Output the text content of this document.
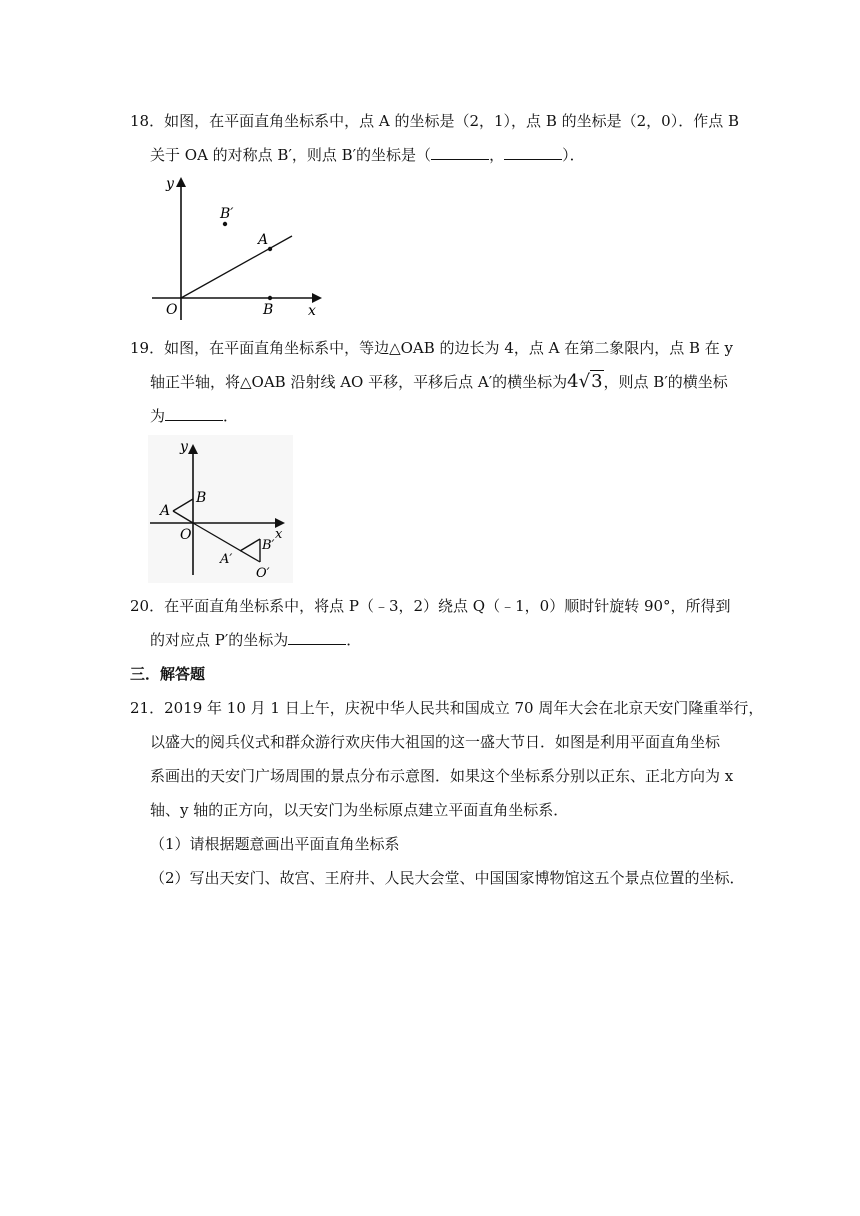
18．如图，在平面直角坐标系中，点 A 的坐标是（2，1），点 B 的坐标是（2，0）．作点 B
关于 OA 的对称点 B′，则点 B′的坐标是（	，	）．
y
x
O
A
B
B′
19．如图，在平面直角坐标系中，等边△OAB 的边长为 4，点 A 在第二象限内，点 B 在 y
轴正半轴，将△OAB 沿射线 AO 平移，平移后点 A′的横坐标为4√3，则点 B′的横坐标
为	．
y
x
O
A
B
A′
B′
O′
20．在平面直角坐标系中，将点 P（﹣3，2）绕点 Q（﹣1，0）顺时针旋转 90°，所得到
的对应点 P′的坐标为	．
三．解答题
21．2019 年 10 月 1 日上午，庆祝中华人民共和国成立 70 周年大会在北京天安门隆重举行，
以盛大的阅兵仪式和群众游行欢庆伟大祖国的这一盛大节日．如图是利用平面直角坐标
系画出的天安门广场周围的景点分布示意图．如果这个坐标系分别以正东、正北方向为 x
轴、y 轴的正方向，以天安门为坐标原点建立平面直角坐标系．
（1）请根据题意画出平面直角坐标系
（2）写出天安门、故宫、王府井、人民大会堂、中国国家博物馆这五个景点位置的坐标．
